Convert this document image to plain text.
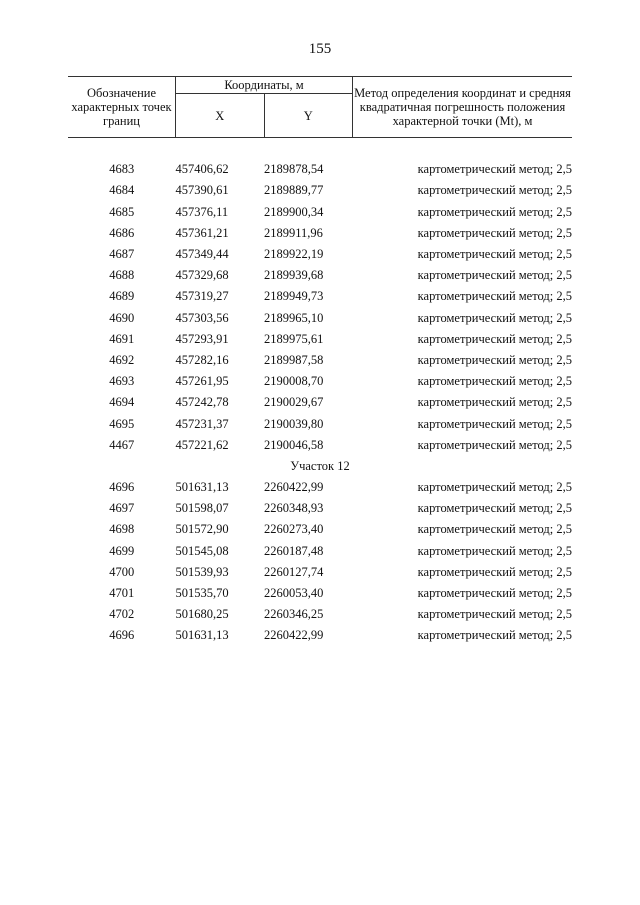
155
Обозначение характерных точек границ	Координаты, м		Метод определения координат и средняя квадратичная погрешность положения характерной точки (Mt), м
	X	Y	

4683	457406,62	2189878,54	картометрический метод; 2,5
4684	457390,61	2189889,77	картометрический метод; 2,5
4685	457376,11	2189900,34	картометрический метод; 2,5
4686	457361,21	2189911,96	картометрический метод; 2,5
4687	457349,44	2189922,19	картометрический метод; 2,5
4688	457329,68	2189939,68	картометрический метод; 2,5
4689	457319,27	2189949,73	картометрический метод; 2,5
4690	457303,56	2189965,10	картометрический метод; 2,5
4691	457293,91	2189975,61	картометрический метод; 2,5
4692	457282,16	2189987,58	картометрический метод; 2,5
4693	457261,95	2190008,70	картометрический метод; 2,5
4694	457242,78	2190029,67	картометрический метод; 2,5
4695	457231,37	2190039,80	картометрический метод; 2,5
4467	457221,62	2190046,58	картометрический метод; 2,5
Участок 12			
4696	501631,13	2260422,99	картометрический метод; 2,5
4697	501598,07	2260348,93	картометрический метод; 2,5
4698	501572,90	2260273,40	картометрический метод; 2,5
4699	501545,08	2260187,48	картометрический метод; 2,5
4700	501539,93	2260127,74	картометрический метод; 2,5
4701	501535,70	2260053,40	картометрический метод; 2,5
4702	501680,25	2260346,25	картометрический метод; 2,5
4696	501631,13	2260422,99	картометрический метод; 2,5
